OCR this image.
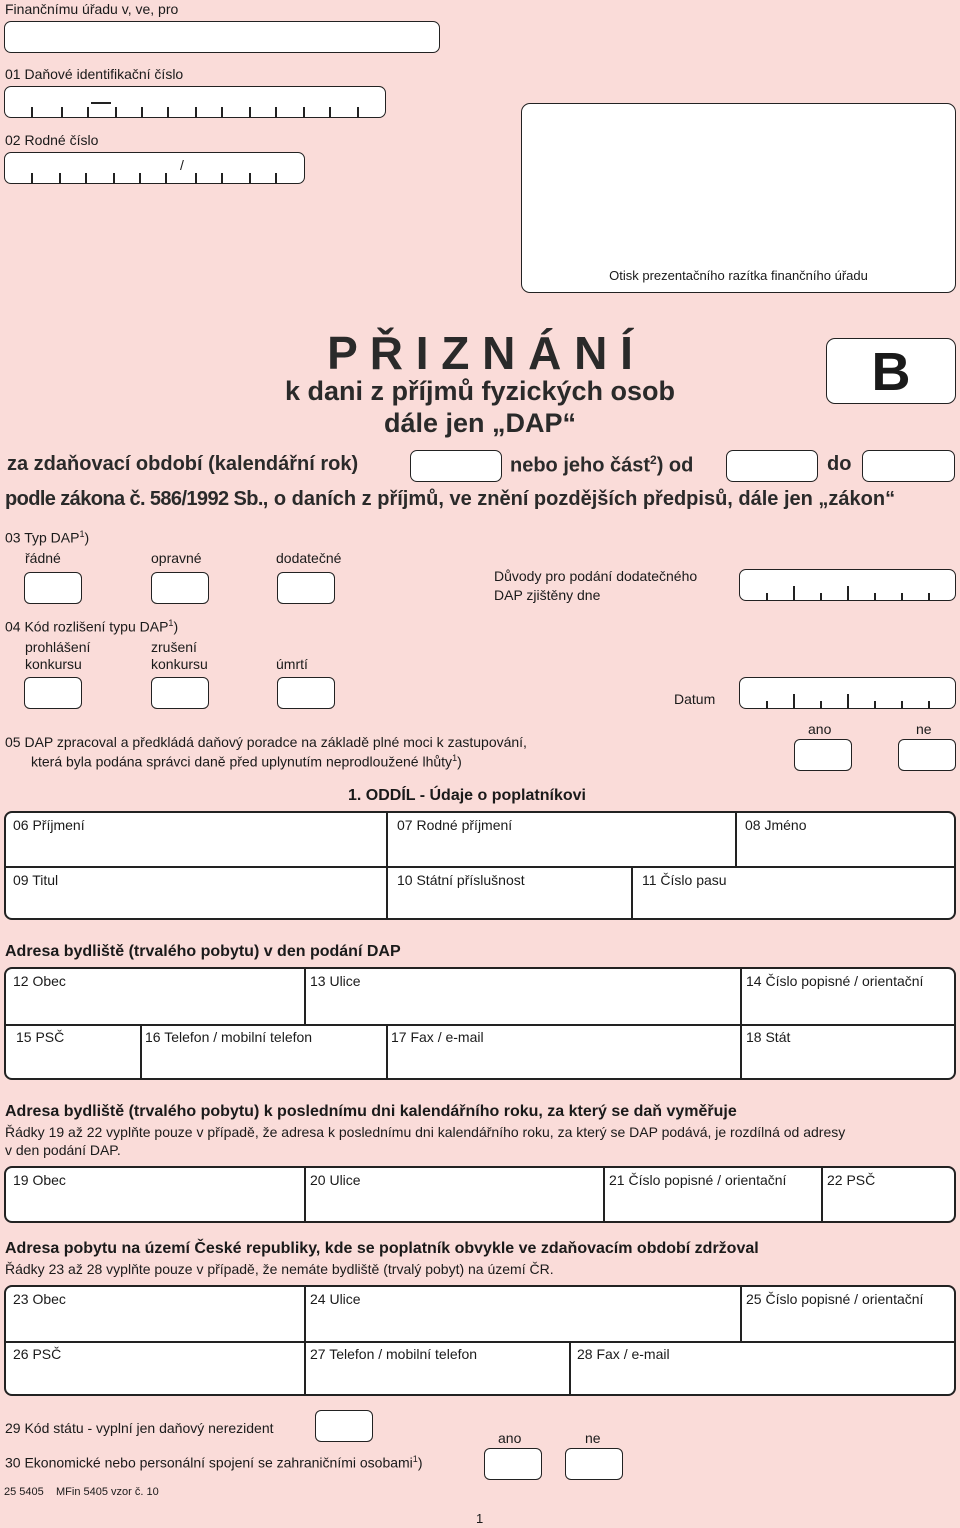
Finančnímu úřadu v, ve, pro
01 Daňové identifikační číslo
02 Rodné číslo
/
Otisk prezentačního razítka finančního úřadu
P Ř I Z N Á N Í
k dani z příjmů fyzických osob
dále jen „DAP“
B
za zdaňovací období (kalendářní rok)	nebo jeho část$^2$) od	do
podle zákona č. 586/1992 Sb., o daních z příjmů, ve znění pozdějších předpisů, dále jen „zákon“
03 Typ DAP$^1$)
řádné	opravné	dodatečné
Důvody pro podání dodatečného
DAP zjištěny dne
04 Kód rozlišení typu DAP$^1$)
prohlášení
konkursu
zrušení
konkursu	úmrtí
Datum
05 DAP zpracoval a předkládá daňový poradce na základě plné moci k zastupování,
která byla podána správci daně před uplynutím neprodloužené lhůty$^1$)
ano	ne
1. ODDÍL - Údaje o poplatníkovi
06 Příjmení	07 Rodné příjmení	08 Jméno
09 Titul	10 Státní příslušnost	11 Číslo pasu
Adresa bydliště (trvalého pobytu) v den podání DAP
12 Obec	13 Ulice	14 Číslo popisné / orientační
15 PSČ	16 Telefon / mobilní telefon	17 Fax / e-mail	18 Stát
Adresa bydliště (trvalého pobytu) k poslednímu dni kalendářního roku, za který se daň vyměřuje
Řádky 19 až 22 vyplňte pouze v případě, že adresa k poslednímu dni kalendářního roku, za který se DAP podává, je rozdílná od adresy
v den podání DAP.
19 Obec	20 Ulice	21 Číslo popisné / orientační	22 PSČ
Adresa pobytu na území České republiky, kde se poplatník obvykle ve zdaňovacím období zdržoval
Řádky 23 až 28 vyplňte pouze v případě, že nemáte bydliště (trvalý pobyt) na území ČR.
23 Obec	24 Ulice	25 Číslo popisné / orientační
26 PSČ	27 Telefon / mobilní telefon	28 Fax / e-mail
29 Kód státu - vyplní jen daňový nerezident
ano	ne
30 Ekonomické nebo personální spojení se zahraničními osobami$^1$)
25 5405    MFin 5405 vzor č. 10
1
